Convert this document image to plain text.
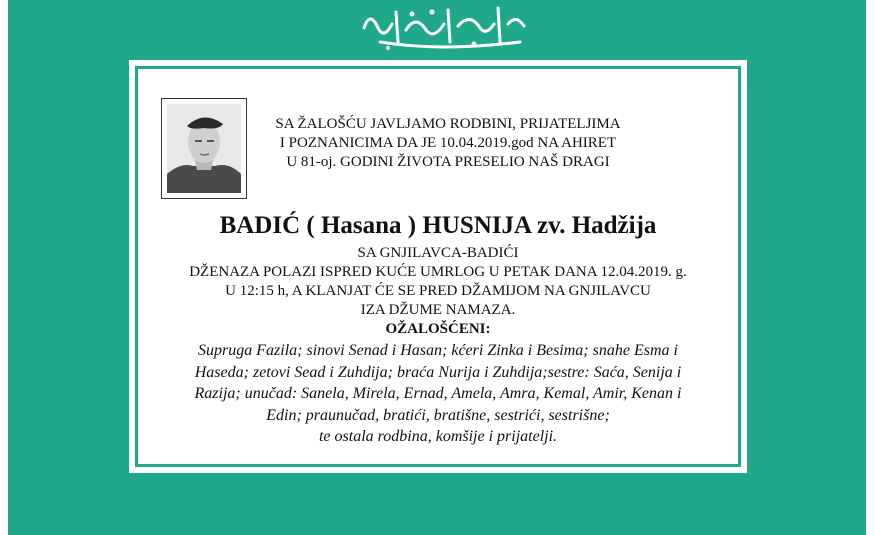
SA ŽALOŠĆU JAVLJAMO RODBINI, PRIJATELJIMA
I POZNANICIMA DA JE 10.04.2019.god NA AHIRET
U 81-oj. GODINI ŽIVOTA PRESELIO NAŠ DRAGI
BADIĆ ( Hasana ) HUSNIJA zv. Hadžija
SA GNJILAVCA-BADIĆI
DŽENAZA POLAZI ISPRED KUĆE UMRLOG U PETAK DANA 12.04.2019. g.
U 12:15 h, A KLANJAT ĆE SE PRED DŽAMIJOM NA GNJILAVCU
IZA DŽUME NAMAZA.
OŽALOŠĆENI:
Supruga Fazila; sinovi Senad i Hasan; kćeri Zinka i Besima; snahe Esma i
Haseda; zetovi Sead i Zuhdija; braća Nurija i Zuhdija;sestre: Saća, Senija i
Razija; unučad: Sanela, Mirela, Ernad, Amela, Amra, Kemal, Amir, Kenan i
Edin; praunučad, bratići, bratišne, sestrići, sestrišne;
te ostala rodbina, komšije i prijatelji.
